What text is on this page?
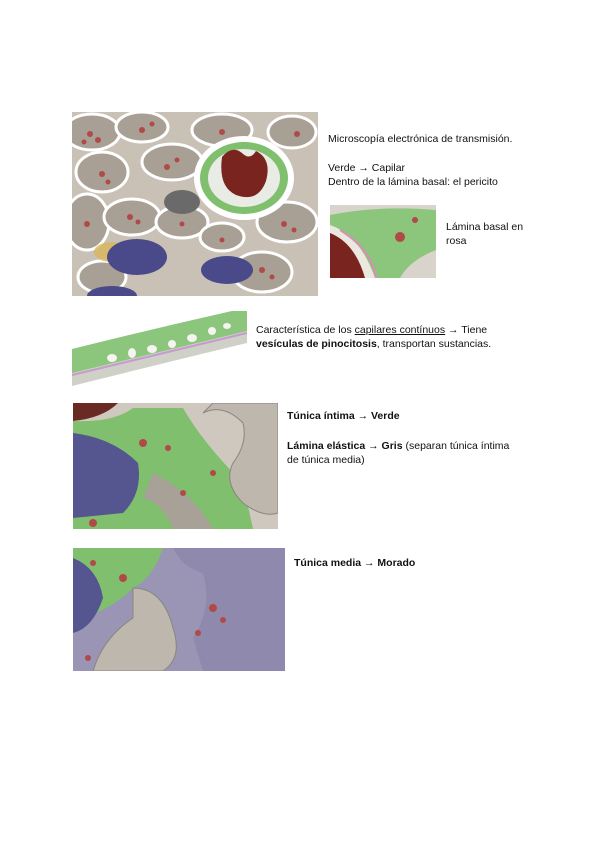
Microscopía electrónica de transmisión.
Verde → Capilar
Dentro de la lámina basal: el pericito
Lámina basal en
rosa
Característica de los capilares contínuos → Tiene
vesículas de pinocitosis, transportan sustancias.
Túnica íntima → Verde
Lámina elástica → Gris (separan túnica íntima
de túnica media)
Túnica media → Morado
